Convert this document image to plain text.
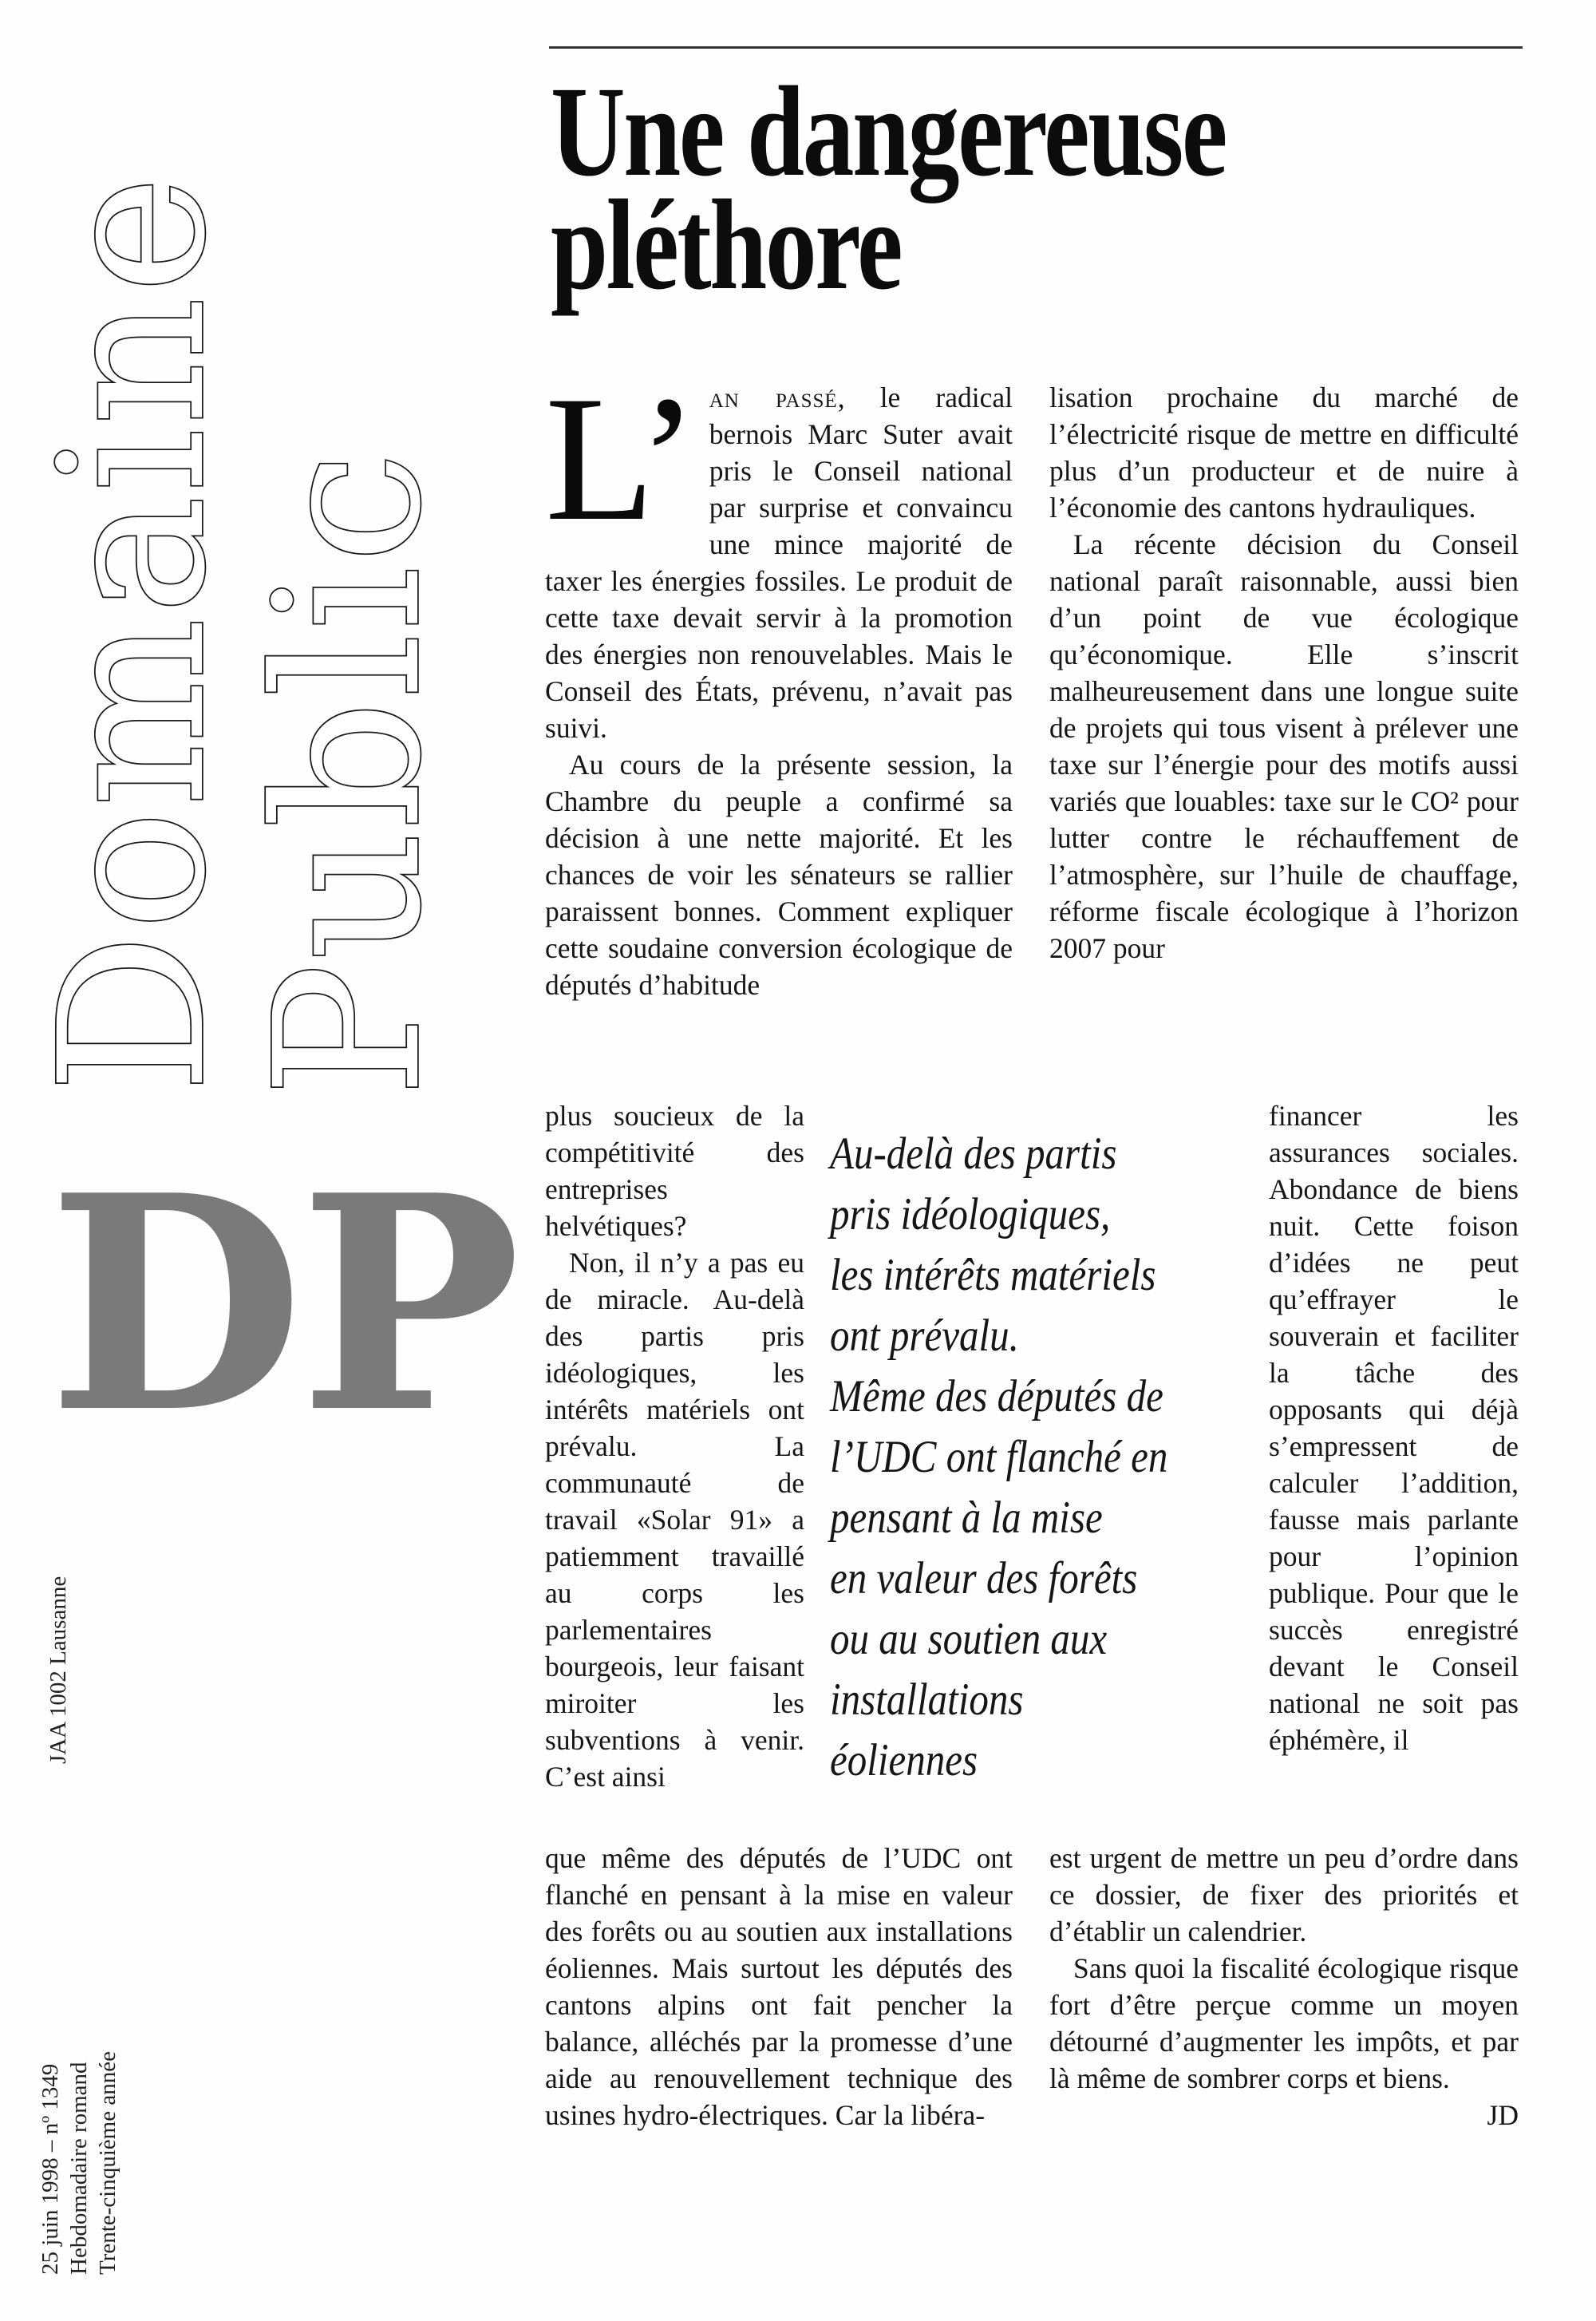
Domaine
Public
DP
JAA 1002 Lausanne
25 juin 1998 – nº 1349 Hebdomadaire romand Trente-cinquième année
Une dangereuse
pléthore

L’ an passé, le radical bernois Marc Suter avait pris le Conseil national par surprise et convaincu une mince majorité de taxer les énergies fossiles. Le produit de cette taxe devait servir à la promotion des énergies non renouvelables. Mais le Conseil des États, prévenu, n’avait pas suivi.

Au cours de la présente session, la Chambre du peuple a confirmé sa décision à une nette majorité. Et les chances de voir les sénateurs se rallier paraissent bonnes. Comment expliquer cette soudaine conversion écologique de députés d’habitude

plus soucieux de la compétitivité des entreprises helvétiques?

Non, il n’y a pas eu de miracle. Au-delà des partis pris idéologiques, les intérêts matériels ont prévalu. La communauté de travail «Solar 91» a patiemment travaillé au corps les parlementaires bourgeois, leur faisant miroiter les subventions à venir. C’est ainsi

que même des députés de l’UDC ont flanché en pensant à la mise en valeur des forêts ou au soutien aux installations éoliennes. Mais surtout les députés des cantons alpins ont fait pencher la balance, alléchés par la promesse d’une aide au renouvellement technique des usines hydro-électriques. Car la libéra-

lisation prochaine du marché de l’électricité risque de mettre en difficulté plus d’un producteur et de nuire à l’économie des cantons hydrauliques.

La récente décision du Conseil national paraît raisonnable, aussi bien d’un point de vue écologique qu’économique. Elle s’inscrit malheureusement dans une longue suite de projets qui tous visent à prélever une taxe sur l’énergie pour des motifs aussi variés que louables: taxe sur le CO² pour lutter contre le réchauffement de l’atmosphère, sur l’huile de chauffage, réforme fiscale écologique à l’horizon 2007 pour

financer les assurances sociales. Abondance de biens nuit. Cette foison d’idées ne peut qu’effrayer le souverain et faciliter la tâche des opposants qui déjà s’empressent de calculer l’addition, fausse mais parlante pour l’opinion publique. Pour que le succès enregistré devant le Conseil national ne soit pas éphémère, il

est urgent de mettre un peu d’ordre dans ce dossier, de fixer des priorités et d’établir un calendrier.

Sans quoi la fiscalité écologique risque fort d’être perçue comme un moyen détourné d’augmenter les impôts, et par là même de sombrer corps et biens.

JD

Au-delà des partis
pris idéologiques,
les intérêts matériels
ont prévalu.
Même des députés de
l’UDC ont flanché en
pensant à la mise
en valeur des forêts
ou au soutien aux
installations
éoliennes
